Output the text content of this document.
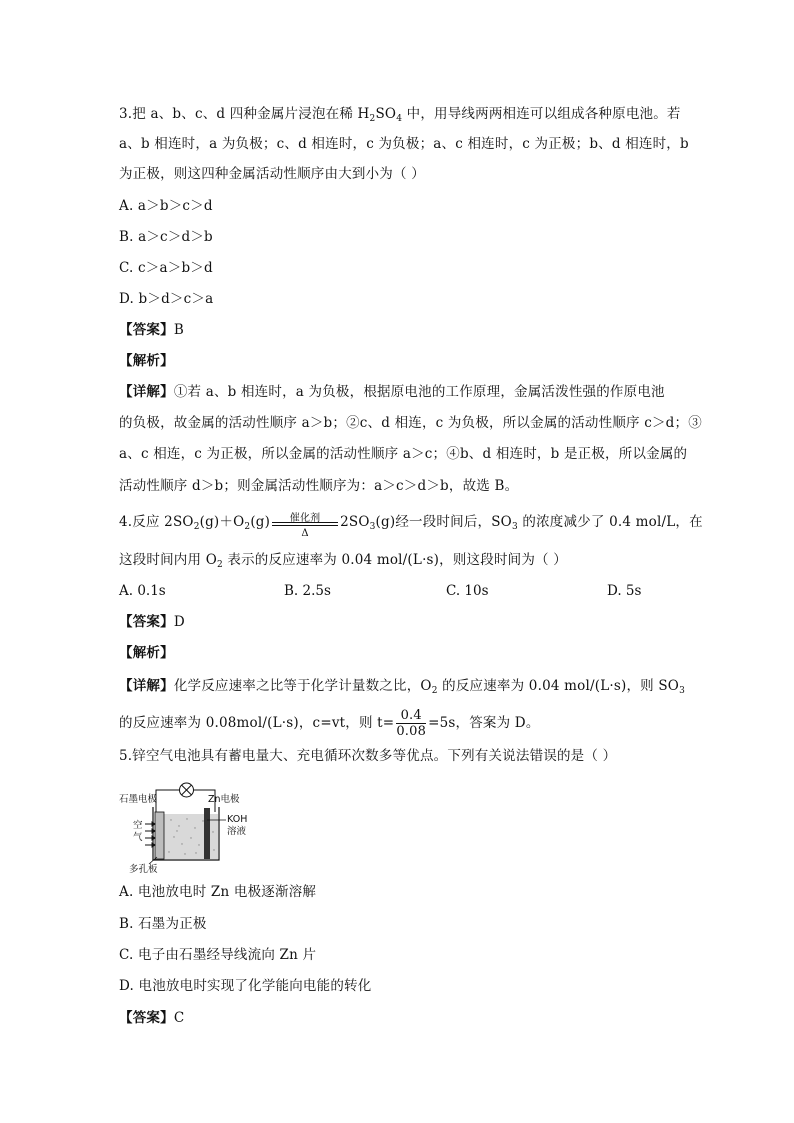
3.把 a、b、c、d 四种金属片浸泡在稀 $H_2SO_4$ 中，用导线两两相连可以组成各种原电池。若
a、b 相连时，a 为负极；c、d 相连时，c 为负极；a、c 相连时，c 为正极；b、d 相连时，b
为正极，则这四种金属活动性顺序由大到小为（ ）
A. a＞b＞c＞d
B. a＞c＞d＞b
C. c＞a＞b＞d
D. b＞d＞c＞a
【答案】B
【解析】
【详解】①若 a、b 相连时，a 为负极，根据原电池的工作原理，金属活泼性强的作原电池
的负极，故金属的活动性顺序 a＞b；②c、d 相连，c 为负极，所以金属的活动性顺序 c＞d；③
a、c 相连，c 为正极，所以金属的活动性顺序 a＞c；④b、d 相连时，b 是正极，所以金属的
活动性顺序 d＞b；则金属活动性顺序为：a＞c＞d＞b，故选 B。
4.反应 $2SO_2(g)+O_2(g)$	催化剂
Δ
$2SO_3(g)$经一段时间后，$SO_3$ 的浓度减少了 0.4 mol/L，在
这段时间内用 $O_2$ 表示的反应速率为 0.04 mol/(L·s)，则这段时间为（ ）
A. 0.1s	B. 2.5s	C. 10s	D. 5s
【答案】D
【解析】
【详解】化学反应速率之比等于化学计量数之比，$O_2$ 的反应速率为 0.04 mol/(L·s)，则 $SO_3$
的反应速率为 0.08mol/(L·s)，c=vt，则 $t= \frac{0.4}{0.08} =5s$，答案为 D。
5.锌空气电池具有蓄电量大、充电循环次数多等优点。下列有关说法错误的是（ ）
石墨电极	Zn电极
空
气
KOH
溶液
多孔板
A. 电池放电时 Zn 电极逐渐溶解
B. 石墨为正极
C. 电子由石墨经导线流向 Zn 片
D. 电池放电时实现了化学能向电能的转化
【答案】C
